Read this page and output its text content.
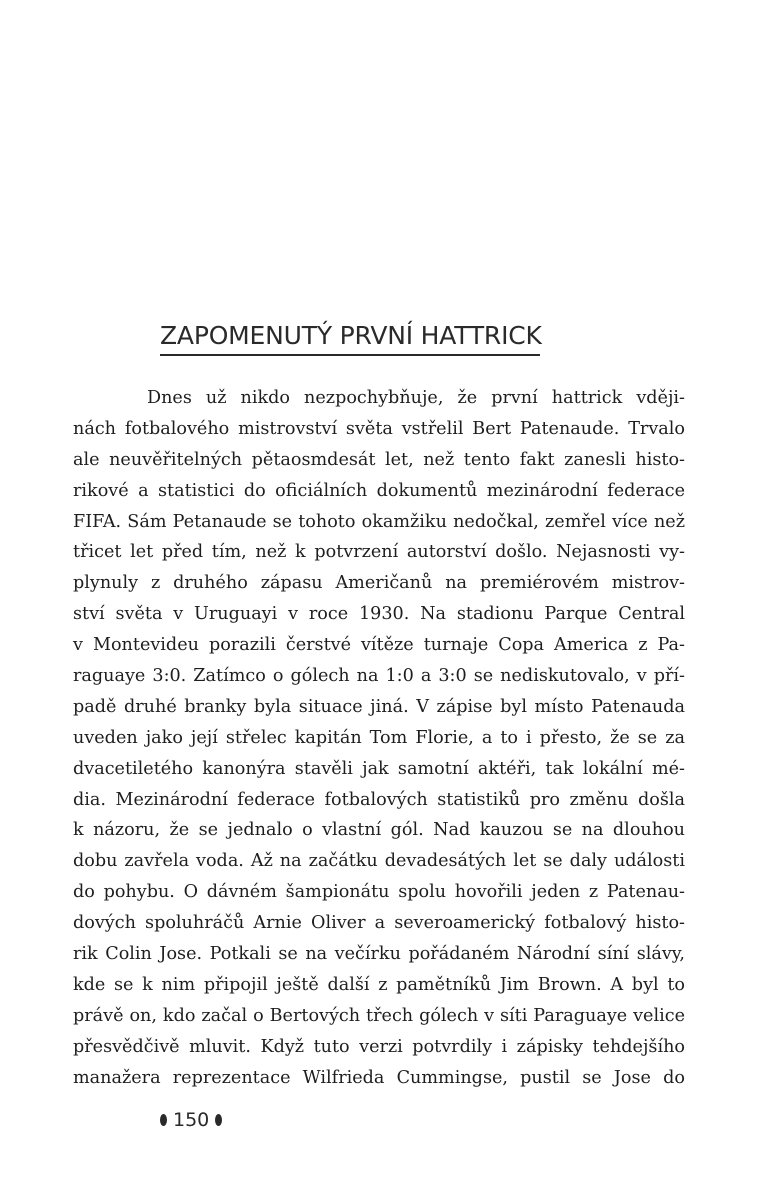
ZAPOMENUTÝ PRVNÍ HATTRICK
Dnes už nikdo nezpochybňuje, že první hattrick vději-
nách fotbalového mistrovství světa vstřelil Bert Patenaude. Trvalo
ale neuvěřitelných pětaosmdesát let, než tento fakt zanesli histo-
rikové a statistici do oficiálních dokumentů mezinárodní federace
FIFA. Sám Petanaude se tohoto okamžiku nedočkal, zemřel více než
třicet let před tím, než k potvrzení autorství došlo. Nejasnosti vy-
plynuly z druhého zápasu Američanů na premiérovém mistrov-
ství světa v Uruguayi v roce 1930. Na stadionu Parque Central
v Montevideu porazili čerstvé vítěze turnaje Copa America z Pa-
raguaye 3:0. Zatímco o gólech na 1:0 a 3:0 se nediskutovalo, v pří-
padě druhé branky byla situace jiná. V zápise byl místo Patenauda
uveden jako její střelec kapitán Tom Florie, a to i přesto, že se za
dvacetiletého kanonýra stavěli jak samotní aktéři, tak lokální mé-
dia. Mezinárodní federace fotbalových statistiků pro změnu došla
k názoru, že se jednalo o vlastní gól. Nad kauzou se na dlouhou
dobu zavřela voda. Až na začátku devadesátých let se daly události
do pohybu. O dávném šampionátu spolu hovořili jeden z Patenau-
dových spoluhráčů Arnie Oliver a severoamerický fotbalový histo-
rik Colin Jose. Potkali se na večírku pořádaném Národní síní slávy,
kde se k nim připojil ještě další z pamětníků Jim Brown. A byl to
právě on, kdo začal o Bertových třech gólech v síti Paraguaye velice
přesvědčivě mluvit. Když tuto verzi potvrdily i zápisky tehdejšího
manažera reprezentace Wilfrieda Cummingse, pustil se Jose do
150
